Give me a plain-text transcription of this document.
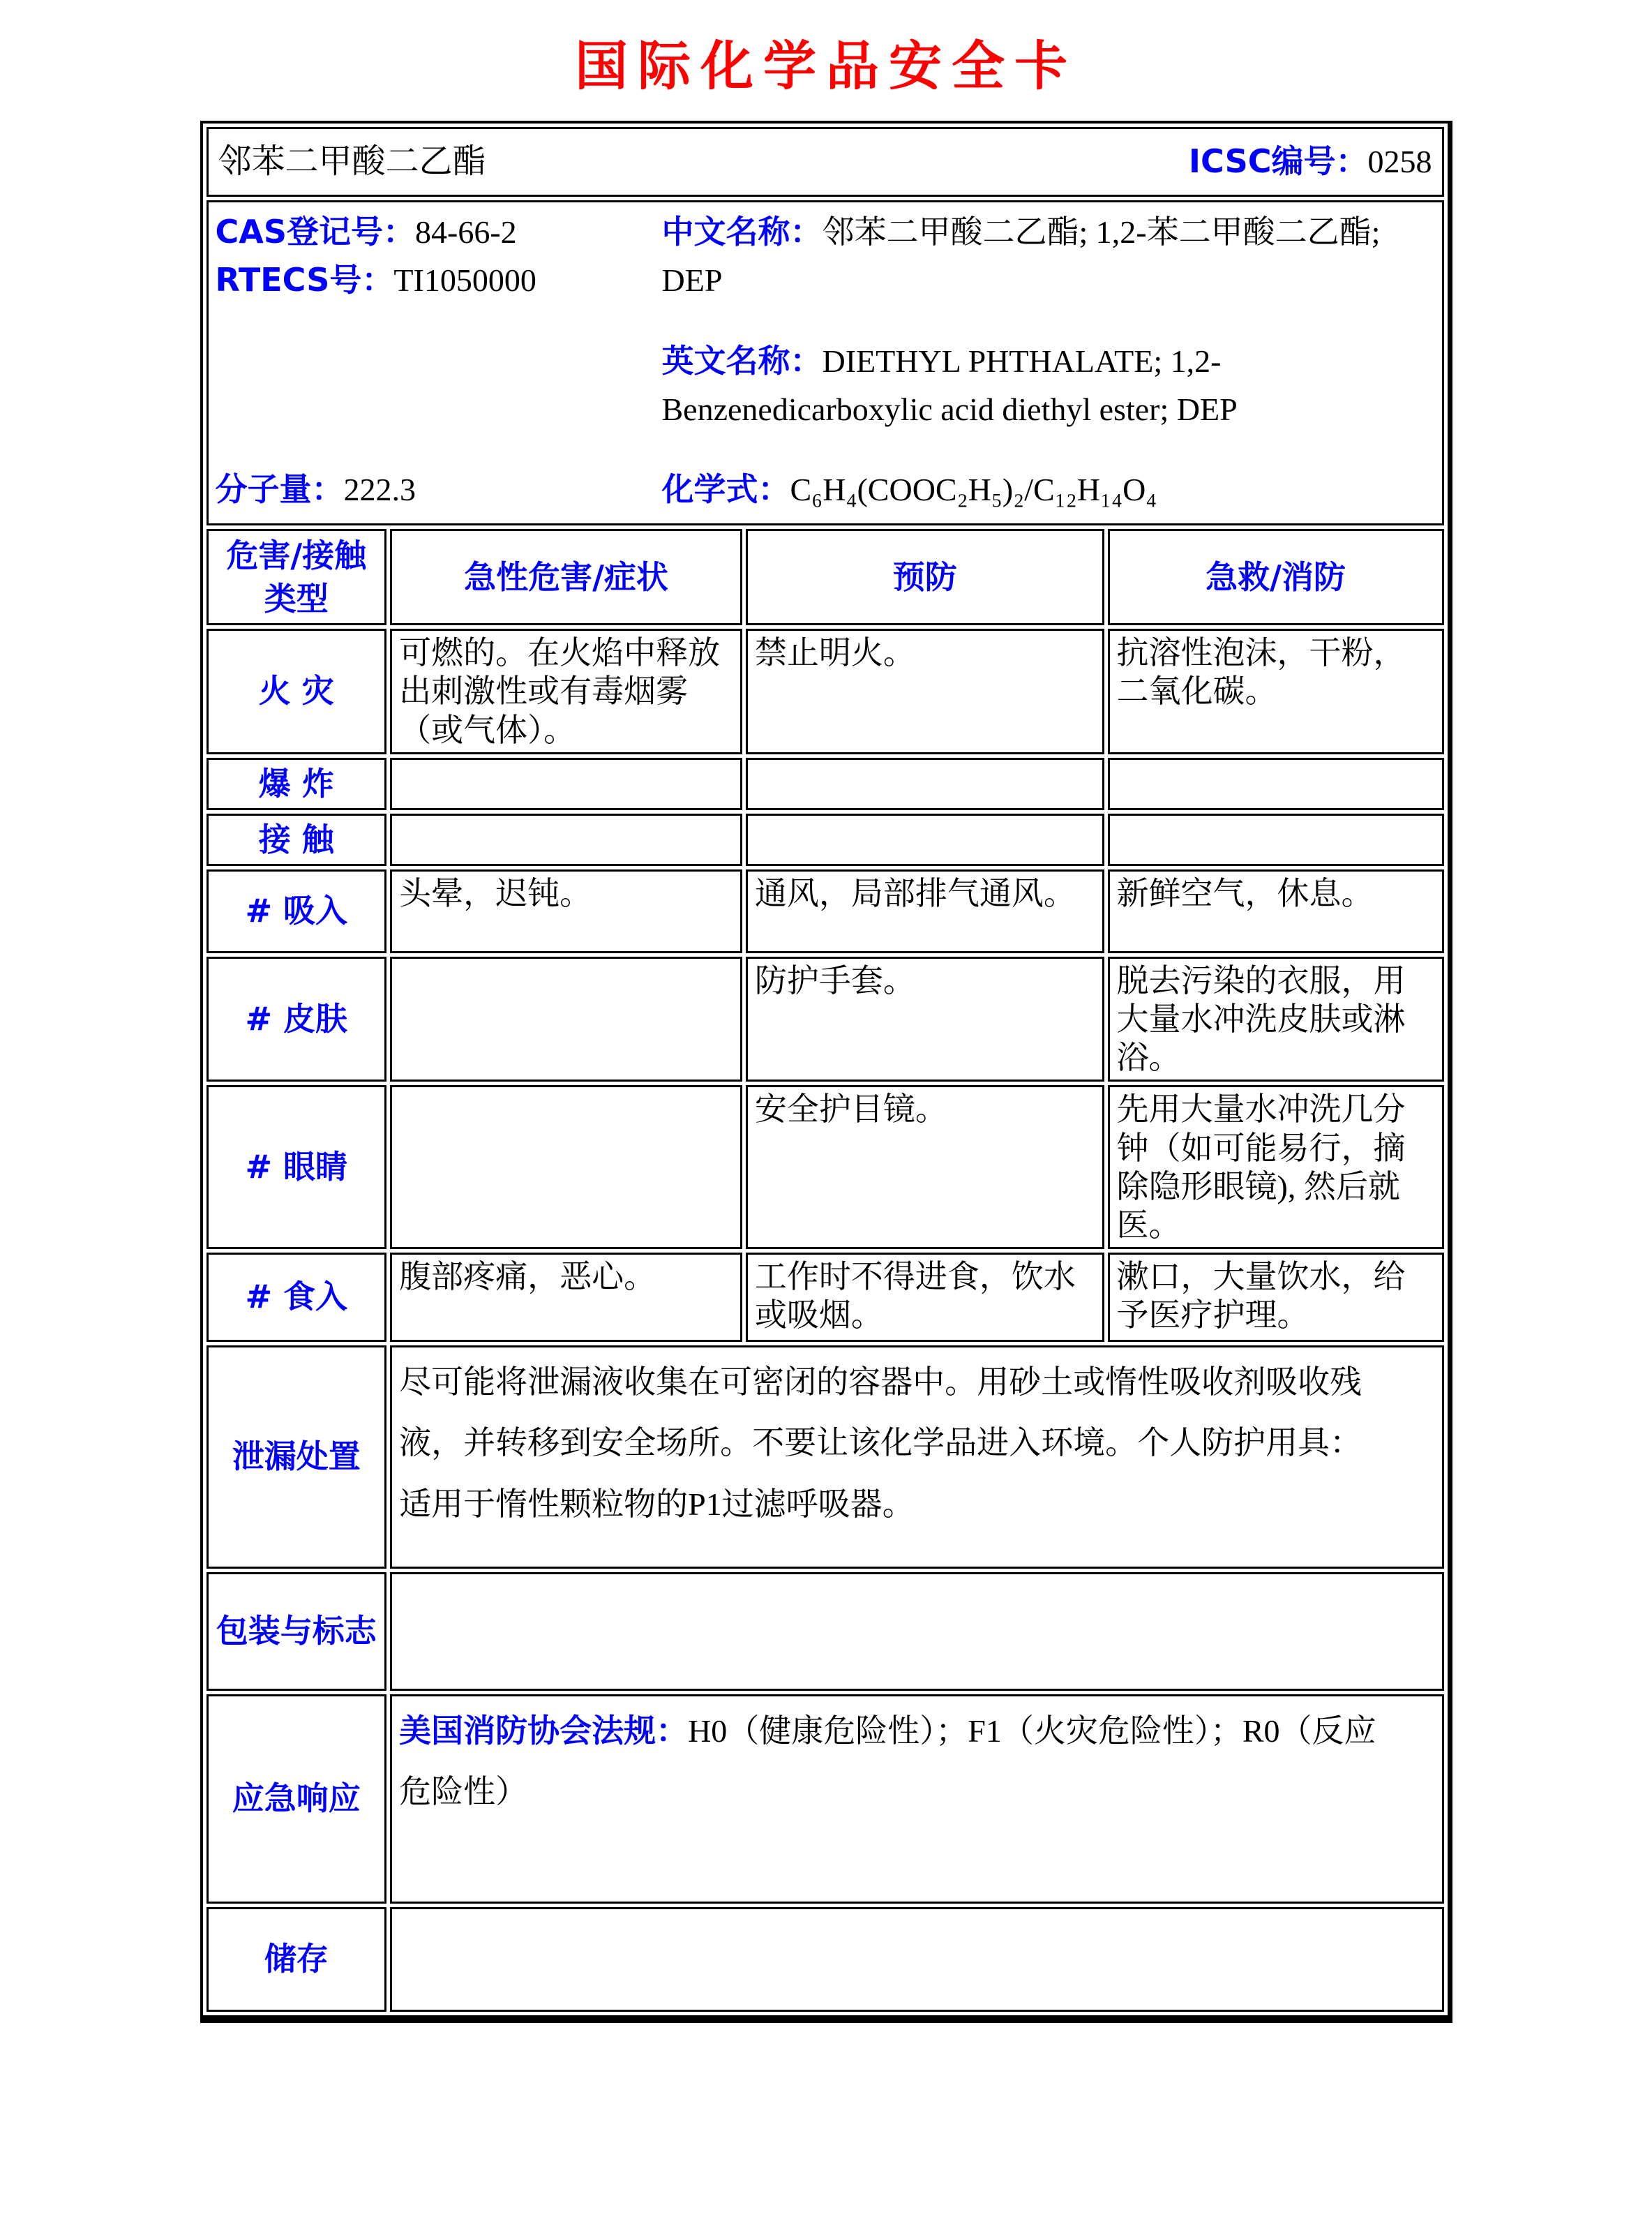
国际化学品安全卡
邻苯二甲酸二乙酯 ICSC编号：0258			

CAS登记号：84-66-2

RTECS号：TI1050000

分子量：222.3

中文名称：邻苯二甲酸二乙酯; 1,2-苯二甲酸二乙酯; DEP

英文名称：DIETHYL PHTHALATE; 1,2-Benzenedicarboxylic acid diethyl ester; DEP

化学式：C₆H₄(COOC₂H₅)₂/C₁₂H₁₄O₄

危害/接触类型	急性危害/症状	预防	急救/消防
火 灾	可燃的。在火焰中释放出刺激性或有毒烟雾（或气体）。	禁止明火。	抗溶性泡沫，干粉，二氧化碳。
爆 炸			
接 触			
# 吸入	头晕，迟钝。	通风，局部排气通风。	新鲜空气，休息。
# 皮肤		防护手套。	脱去污染的衣服，用大量水冲洗皮肤或淋浴。
# 眼睛		安全护目镜。	先用大量水冲洗几分钟（如可能易行，摘除隐形眼镜), 然后就医。
# 食入	腹部疼痛，恶心。	工作时不得进食，饮水或吸烟。	漱口，大量饮水，给予医疗护理。
泄漏处置	尽可能将泄漏液收集在可密闭的容器中。用砂土或惰性吸收剂吸收残液，并转移到安全场所。不要让该化学品进入环境。个人防护用具：适用于惰性颗粒物的P1过滤呼吸器。		
包装与标志			
应急响应	美国消防协会法规：H0（健康危险性）；F1（火灾危险性）；R0（反应危险性）		
储存			
